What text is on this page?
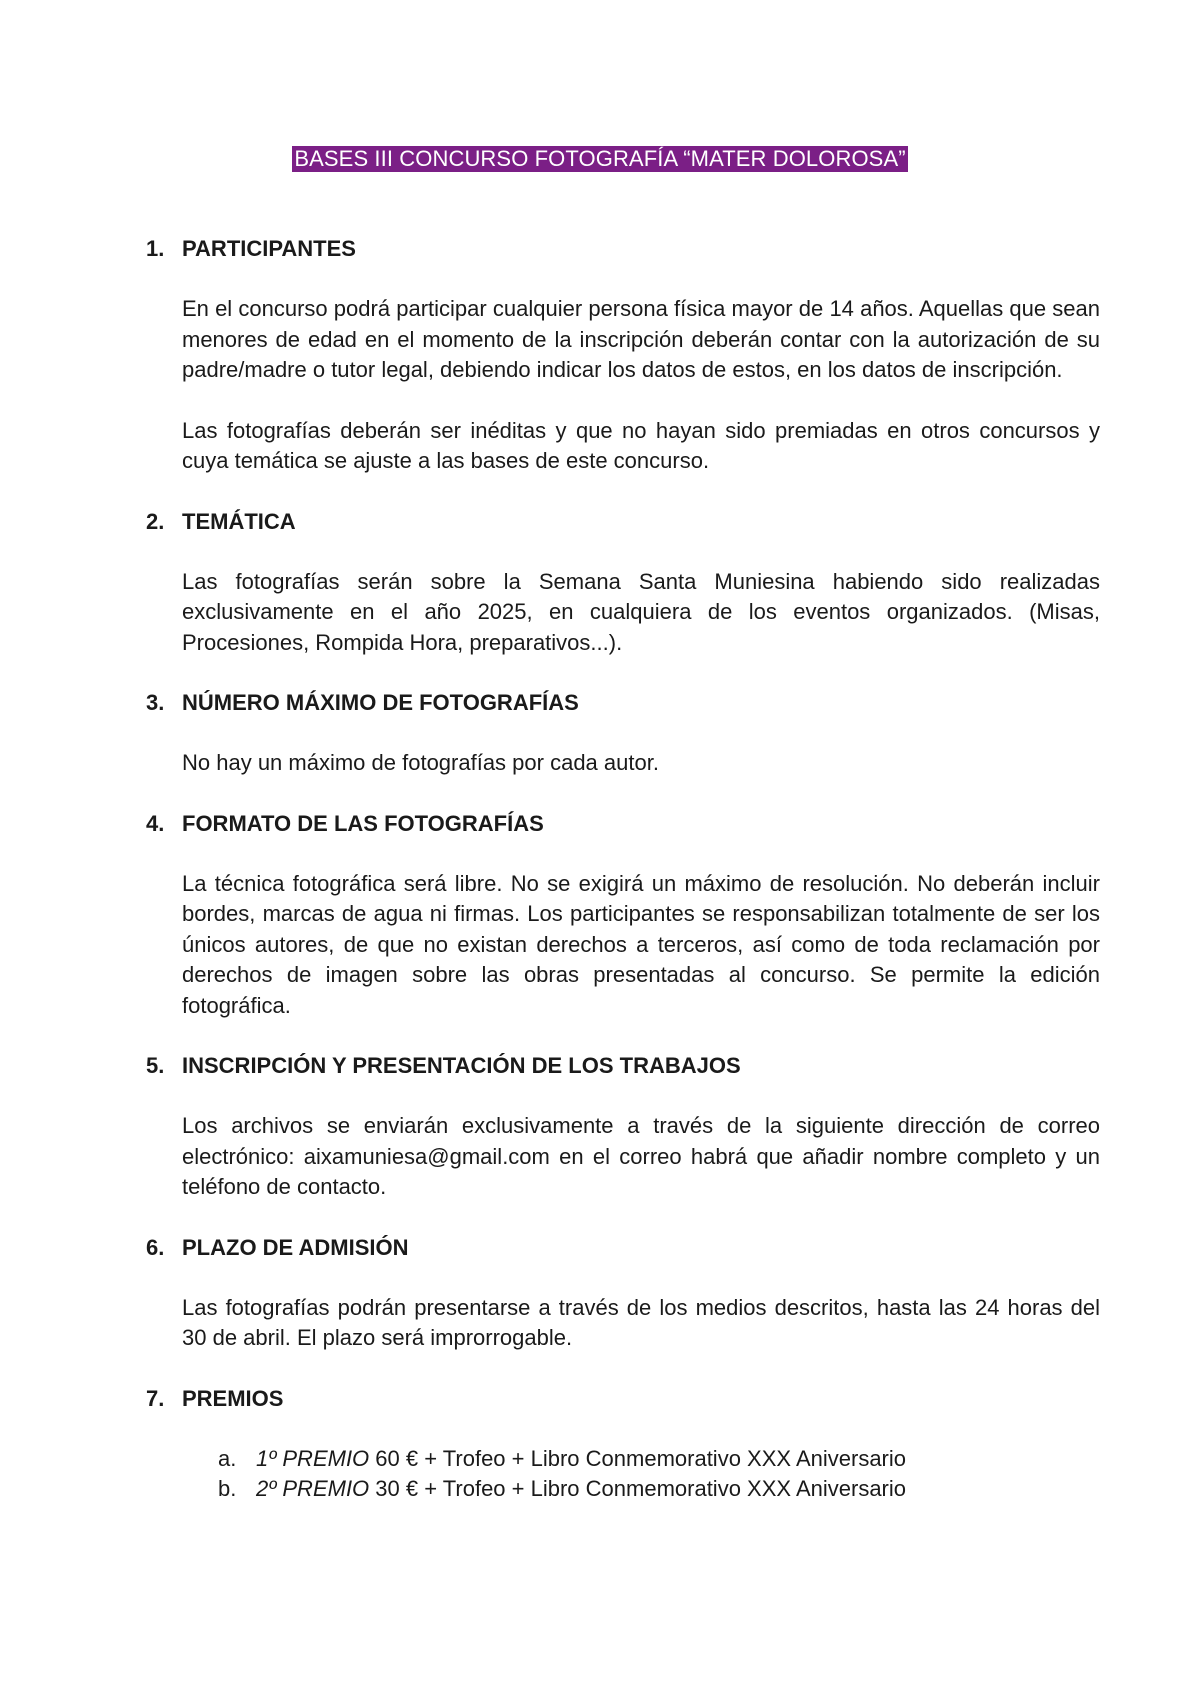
BASES III CONCURSO FOTOGRAFÍA “MATER DOLOROSA”
1. PARTICIPANTES
En el concurso podrá participar cualquier persona física mayor de 14 años. Aquellas que sean menores de edad en el momento de la inscripción deberán contar con la autorización de su padre/madre o tutor legal, debiendo indicar los datos de estos, en los datos de inscripción.
Las fotografías deberán ser inéditas y que no hayan sido premiadas en otros concursos y cuya temática se ajuste a las bases de este concurso.
2. TEMÁTICA
Las fotografías serán sobre la Semana Santa Muniesina habiendo sido realizadas exclusivamente en el año 2025, en cualquiera de los eventos organizados. (Misas, Procesiones, Rompida Hora, preparativos...).
3. NÚMERO MÁXIMO DE FOTOGRAFÍAS
No hay un máximo de fotografías por cada autor.
4. FORMATO DE LAS FOTOGRAFÍAS
La técnica fotográfica será libre. No se exigirá un máximo de resolución. No deberán incluir bordes, marcas de agua ni firmas. Los participantes se responsabilizan totalmente de ser los únicos autores, de que no existan derechos a terceros, así como de toda reclamación por derechos de imagen sobre las obras presentadas al concurso. Se permite la edición fotográfica.
5. INSCRIPCIÓN Y PRESENTACIÓN DE LOS TRABAJOS
Los archivos se enviarán exclusivamente a través de la siguiente dirección de correo electrónico: aixamuniesa@gmail.com en el correo habrá que añadir nombre completo y un teléfono de contacto.
6. PLAZO DE ADMISIÓN
Las fotografías podrán presentarse a través de los medios descritos, hasta las 24 horas del 30 de abril. El plazo será improrrogable.
7. PREMIOS
a. 1º PREMIO 60 € + Trofeo + Libro Conmemorativo XXX Aniversario
b. 2º PREMIO 30 € + Trofeo + Libro Conmemorativo XXX Aniversario
